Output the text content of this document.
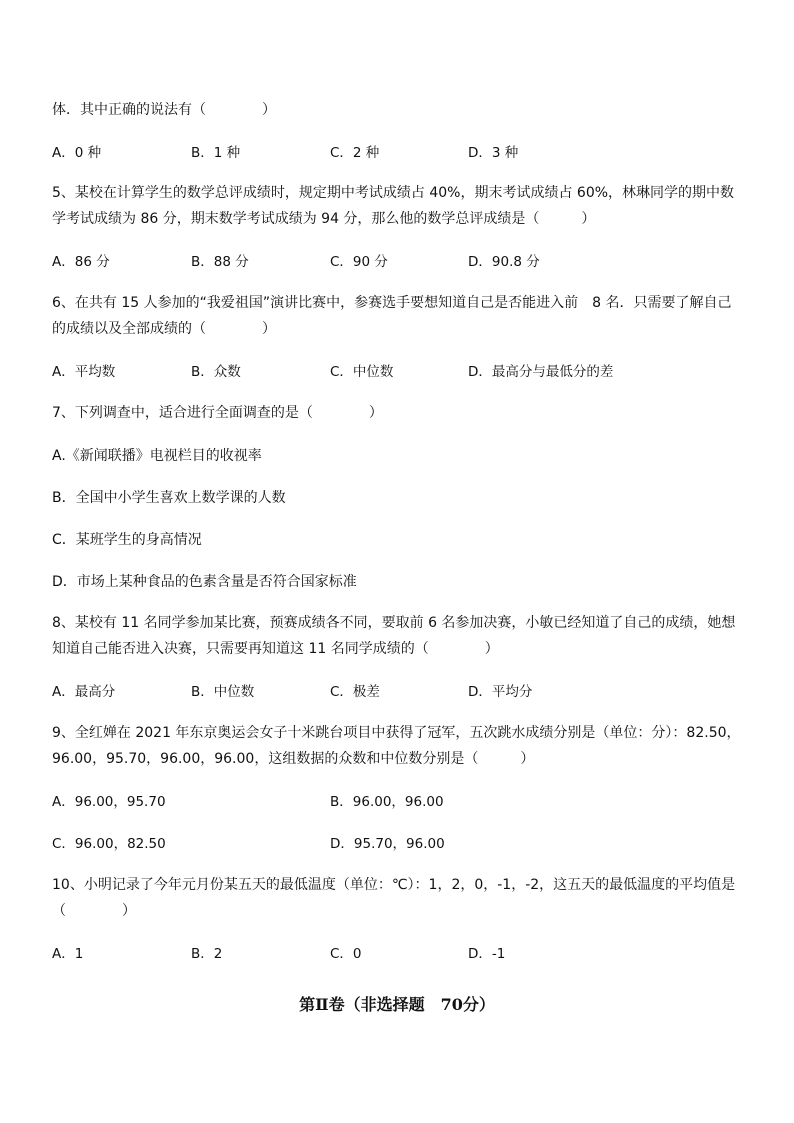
体．其中正确的说法有（　　　　）
A．0 种	B．1 种	C．2 种	D．3 种
5、某校在计算学生的数学总评成绩时，规定期中考试成绩占 40%，期末考试成绩占 60%，林琳同学的期中数学考试成绩为 86 分，期末数学考试成绩为 94 分，那么他的数学总评成绩是（　　　）
A．86 分	B．88 分	C．90 分	D．90.8 分
6、在共有 15 人参加的“我爱祖国”演讲比赛中，参赛选手要想知道自己是否能进入前　8 名．只需要了解自己的成绩以及全部成绩的（　　　　）
A．平均数	B．众数	C．中位数	D．最高分与最低分的差
7、下列调查中，适合进行全面调查的是（　　　　）
A.《新闻联播》电视栏目的收视率
B．全国中小学生喜欢上数学课的人数
C．某班学生的身高情况
D．市场上某种食品的色素含量是否符合国家标准
8、某校有 11 名同学参加某比赛，预赛成绩各不同，要取前 6 名参加决赛，小敏已经知道了自己的成绩，她想知道自己能否进入决赛，只需要再知道这 11 名同学成绩的（　　　　）
A．最高分	B．中位数	C．极差	D．平均分
9、全红婵在 2021 年东京奥运会女子十米跳台项目中获得了冠军，五次跳水成绩分别是（单位：分）：82.50，96.00，95.70，96.00，96.00，这组数据的众数和中位数分别是（　　　）
A．96.00，95.70	B．96.00，96.00
C．96.00，82.50	D．95.70，96.00
10、小明记录了今年元月份某五天的最低温度（单位：℃）：1，2，0，-1，-2，这五天的最低温度的平均值是（　　　　）
A．1	B．2	C．0	D．-1
第Ⅱ卷（非选择题　70分）
